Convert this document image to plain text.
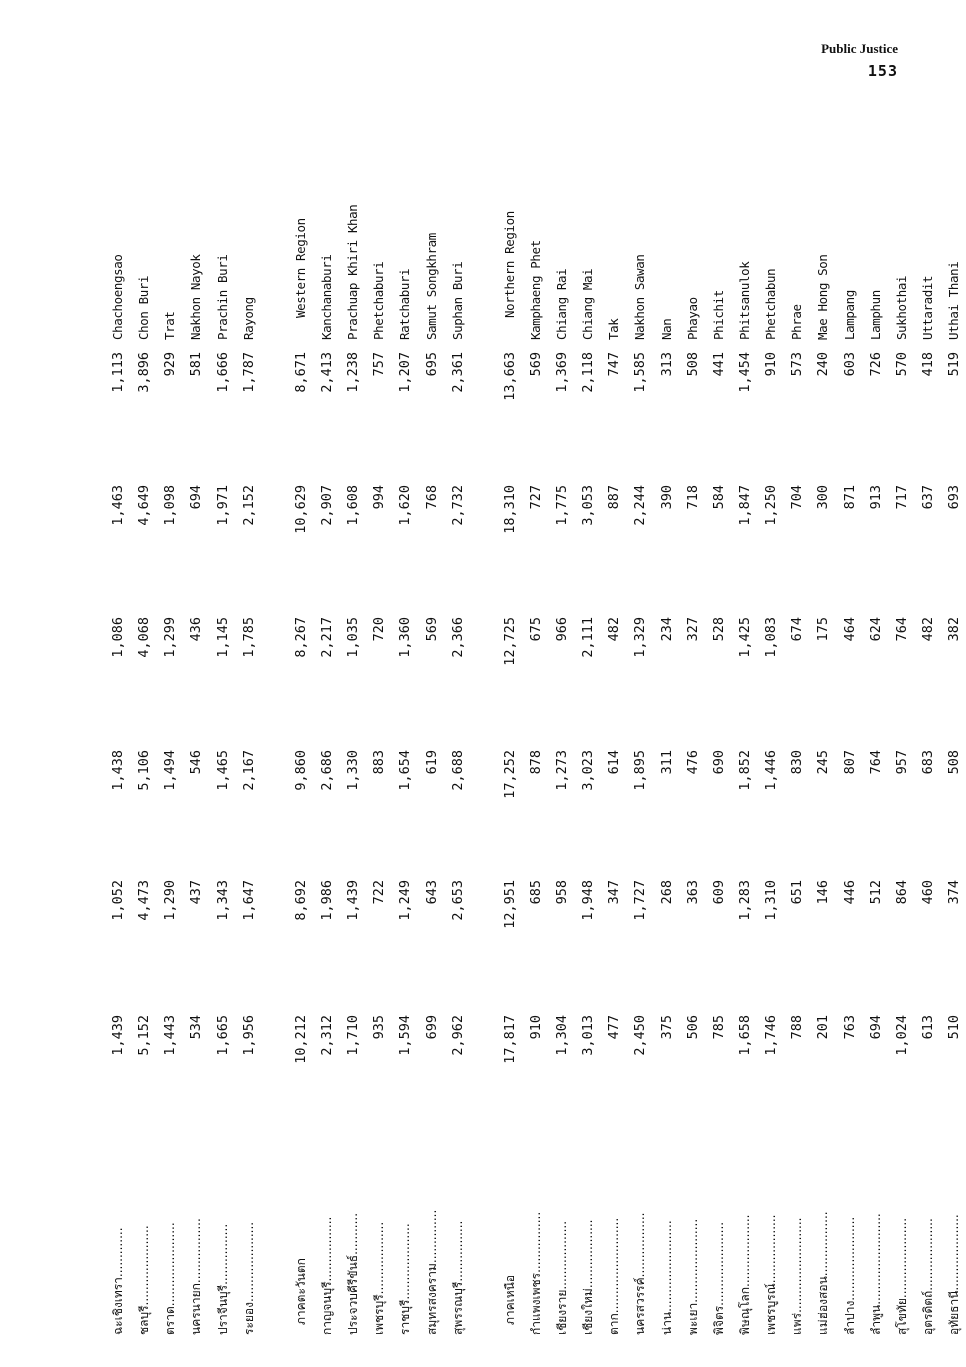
Public Justice
153
ฉะเชิงเทรา.............
1,439
1,052
1,438
1,086
1,463
1,113
Chachoengsao
ชลบุรี.....................
5,152
4,473
5,106
4,068
4,649
3,896
Chon Buri
ตราด......................
1,443
1,290
1,494
1,299
1,098
929
Trat
นครนายก.................
534
437
546
436
694
581
Nakhon Nayok
ปราจีนบุรี................
1,665
1,343
1,465
1,145
1,971
1,666
Prachin Buri
ระยอง.....................
1,956
1,647
2,167
1,785
2,152
1,787
Rayong
ภาคตะวันตก
10,212
8,692
9,860
8,267
10,629
8,671
Western Region
กาญจนบุรี.................
2,312
1,986
2,686
2,217
2,907
2,413
Kanchanaburi
ประจวบคีรีขันธ์...........
1,710
1,439
1,330
1,035
1,608
1,238
Prachuap Khiri Khan
เพชรบุรี...................
935
722
883
720
994
757
Phetchaburi
ราชบุรี....................
1,594
1,249
1,654
1,360
1,620
1,207
Ratchaburi
สมุทรสงคราม..............
699
643
619
569
768
695
Samut Songkhram
สุพรรณบุรี................
2,962
2,653
2,688
2,366
2,732
2,361
Suphan Buri
ภาคเหนือ
17,817
12,951
17,252
12,725
18,310
13,663
Northern Region
กำแพงเพชร................
910
685
878
675
727
569
Kamphaeng Phet
เชียงราย..................
1,304
958
1,273
966
1,775
1,369
Chiang Rai
เชียงใหม่..................
3,013
1,948
3,023
2,111
3,053
2,118
Chiang Mai
ตาก.........................
477
347
614
482
887
747
Tak
นครสวรรค์.................
2,450
1,727
1,895
1,329
2,244
1,585
Nakhon Sawan
น่าน........................
375
268
311
234
390
313
Nan
พะเยา......................
506
363
476
327
718
508
Phayao
พิจิตร......................
785
609
690
528
584
441
Phichit
พิษณุโลก...................
1,658
1,283
1,852
1,425
1,847
1,454
Phitsanulok
เพชรบูรณ์..................
1,746
1,310
1,446
1,083
1,250
910
Phetchabun
แพร่.........................
788
651
830
674
704
573
Phrae
แม่ฮ่องสอน.................
201
146
245
175
300
240
Mae Hong Son
ลำปาง......................
763
446
807
464
871
603
Lampang
ลำพูน........................
694
512
764
624
913
726
Lamphun
สุโขทัย.....................
1,024
864
957
764
717
570
Sukhothai
อุตรดิตถ์...................
613
460
683
482
637
418
Uttaradit
อุทัยธานี....................
510
374
508
382
693
519
Uthai Thani
